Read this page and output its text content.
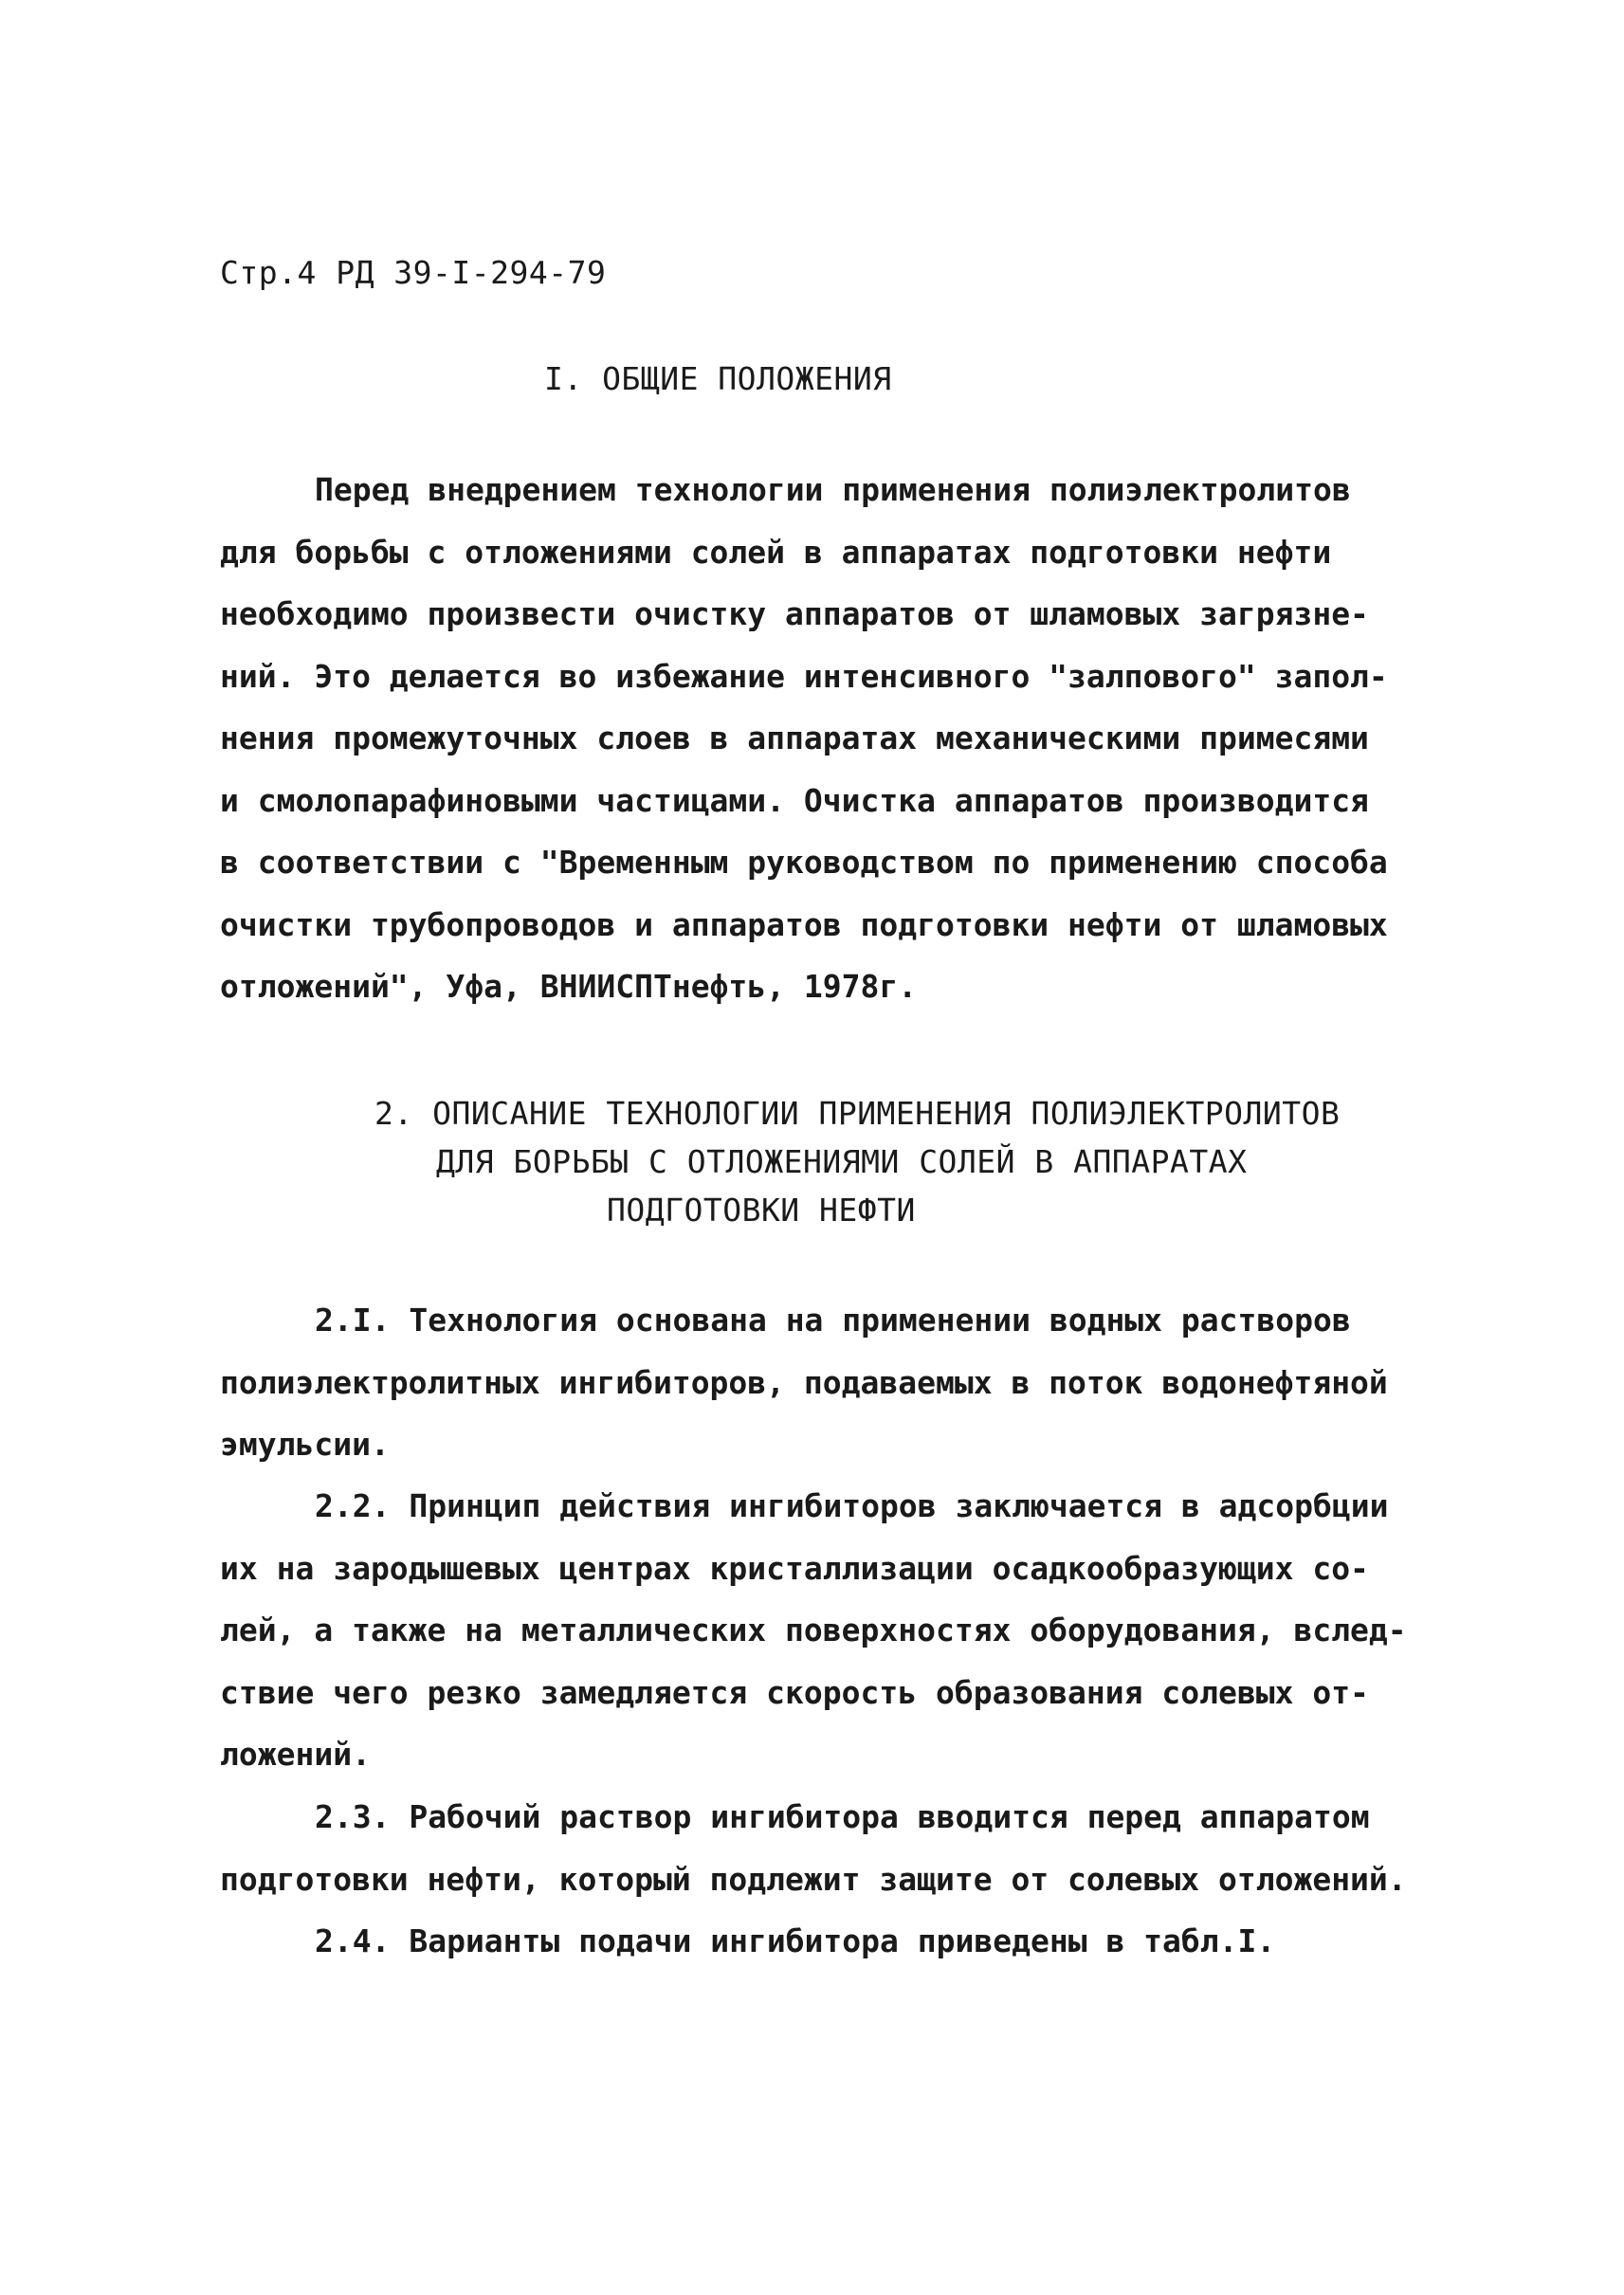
Стр.4 РД 39-I-294-79
I. ОБЩИЕ ПОЛОЖЕНИЯ
Перед внедрением технологии применения полиэлектролитов
для борьбы с отложениями солей в аппаратах подготовки нефти
необходимо произвести очистку аппаратов от шламовых загрязне-
ний. Это делается во избежание интенсивного "залпового" запол-
нения промежуточных слоев в аппаратах механическими примесями
и смолопарафиновыми частицами. Очистка аппаратов производится
в соответствии с "Временным руководством по применению способа
очистки трубопроводов и аппаратов подготовки нефти от шламовых
отложений", Уфа, ВНИИСПТнефть, 1978г.
2. ОПИСАНИЕ ТЕХНОЛОГИИ ПРИМЕНЕНИЯ ПОЛИЭЛЕКТРОЛИТОВ
ДЛЯ БОРЬБЫ С ОТЛОЖЕНИЯМИ СОЛЕЙ В АППАРАТАХ
ПОДГОТОВКИ НЕФТИ
2.I. Технология основана на применении водных растворов
полиэлектролитных ингибиторов, подаваемых в поток водонефтяной
эмульсии.
2.2. Принцип действия ингибиторов заключается в адсорбции
их на зародышевых центрах кристаллизации осадкообразующих со-
лей, а также на металлических поверхностях оборудования, вслед-
ствие чего резко замедляется скорость образования солевых от-
ложений.
2.3. Рабочий раствор ингибитора вводится перед аппаратом
подготовки нефти, который подлежит защите от солевых отложений.
2.4. Варианты подачи ингибитора приведены в табл.I.
